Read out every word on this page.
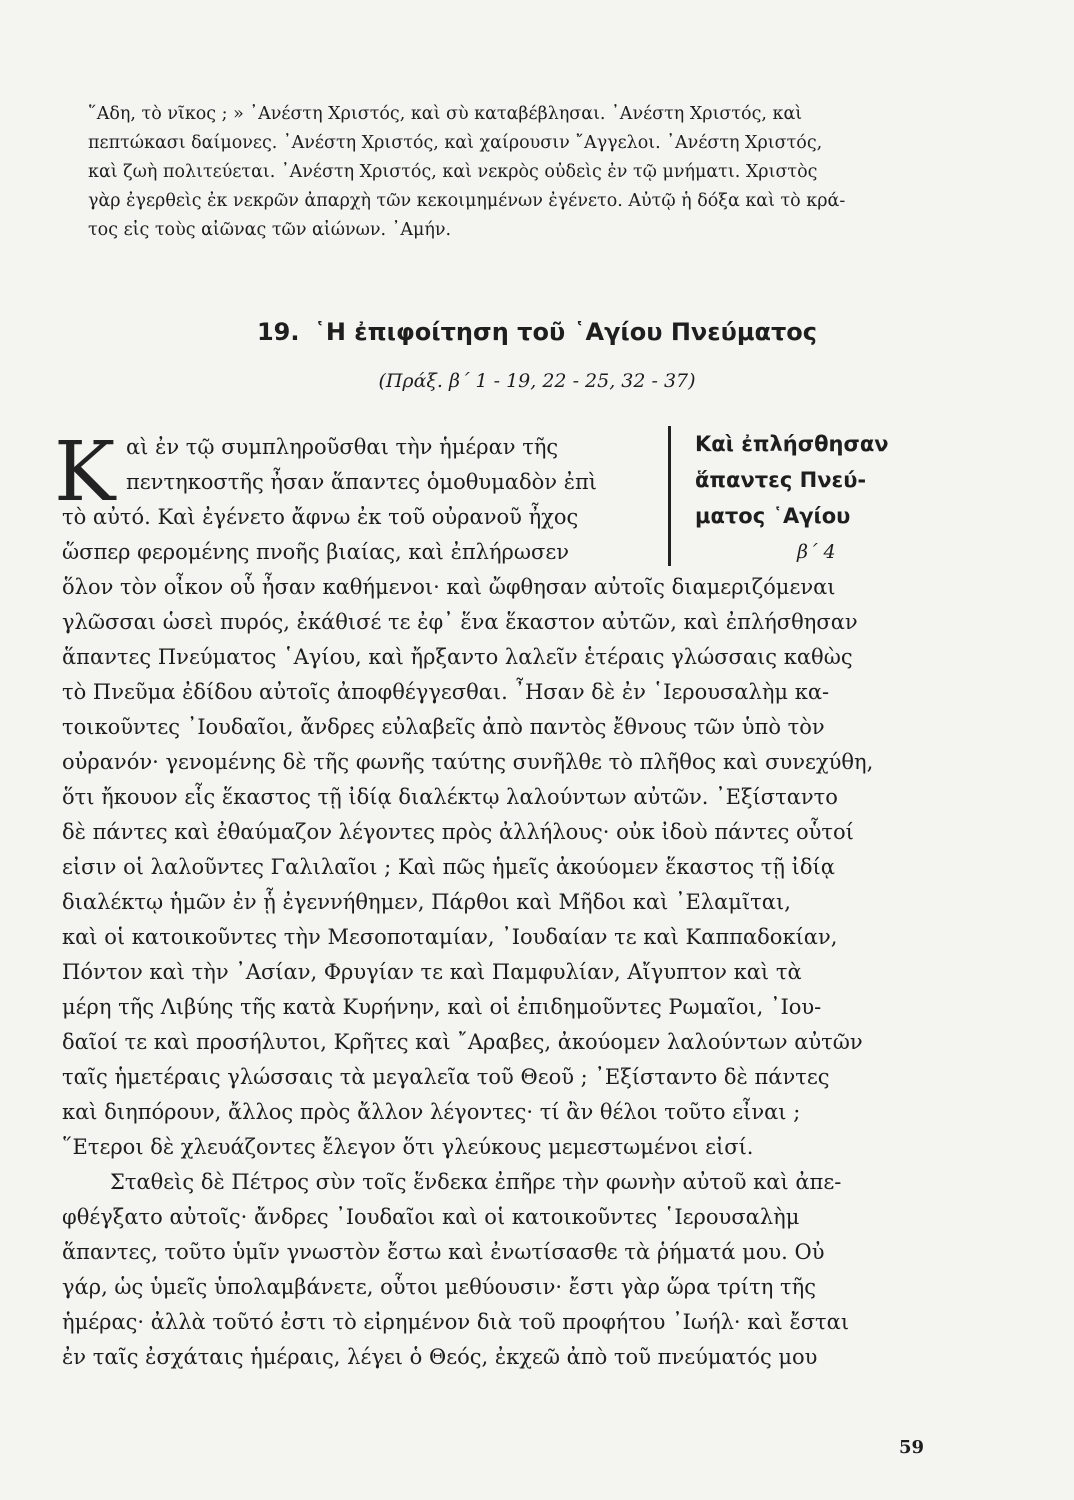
῞Αδη, τὸ νῖκος ; » ᾿Ανέστη Χριστός, καὶ σὺ καταβέβλησαι. ᾿Ανέστη Χριστός, καὶ
πεπτώκασι δαίμονες. ᾿Ανέστη Χριστός, καὶ χαίρουσιν ῎Αγγελοι. ᾿Ανέστη Χριστός,
καὶ ζωὴ πολιτεύεται. ᾿Ανέστη Χριστός, καὶ νεκρὸς οὐδεὶς ἐν τῷ μνήματι. Χριστὸς
γὰρ ἐγερθεὶς ἐκ νεκρῶν ἀπαρχὴ τῶν κεκοιμημένων ἐγένετο. Αὐτῷ ἡ δόξα καὶ τὸ κρά-
τος εἰς τοὺς αἰῶνας τῶν αἰώνων. ᾿Αμήν.
19. ῾Η ἐπιφοίτηση τοῦ ῾Αγίου Πνεύματος
(Πράξ. β΄ 1 - 19, 22 - 25, 32 - 37)
Κ	Καὶ ἐπλήσθησαν
ἅπαντες Πνεύ-
ματος ῾Αγίου
β΄ 4
αὶ ἐν τῷ συμπληροῦσθαι τὴν ἡμέραν τῆς
πεντηκοστῆς ἦσαν ἅπαντες ὁμοθυμαδὸν ἐπὶ
τὸ αὐτό. Καὶ ἐγένετο ἄφνω ἐκ τοῦ οὐρανοῦ ἦχος
ὥσπερ φερομένης πνοῆς βιαίας, καὶ ἐπλήρωσεν
ὅλον τὸν οἶκον οὗ ἦσαν καθήμενοι· καὶ ὤφθησαν αὐτοῖς διαμεριζόμεναι
γλῶσσαι ὡσεὶ πυρός, ἐκάθισέ τε ἐφ᾿ ἕνα ἕκαστον αὐτῶν, καὶ ἐπλήσθησαν
ἅπαντες Πνεύματος ῾Αγίου, καὶ ἤρξαντο λαλεῖν ἑτέραις γλώσσαις καθὼς
τὸ Πνεῦμα ἐδίδου αὐτοῖς ἀποφθέγγεσθαι. ῏Ησαν δὲ ἐν ῾Ιερουσαλὴμ κα-
τοικοῦντες ᾿Ιουδαῖοι, ἄνδρες εὐλαβεῖς ἀπὸ παντὸς ἔθνους τῶν ὑπὸ τὸν
οὐρανόν· γενομένης δὲ τῆς φωνῆς ταύτης συνῆλθε τὸ πλῆθος καὶ συνεχύθη,
ὅτι ἤκουον εἷς ἕκαστος τῇ ἰδίᾳ διαλέκτῳ λαλούντων αὐτῶν. ᾿Εξίσταντο
δὲ πάντες καὶ ἐθαύμαζον λέγοντες πρὸς ἀλλήλους· οὐκ ἰδοὺ πάντες οὗτοί
εἰσιν οἱ λαλοῦντες Γαλιλαῖοι ; Καὶ πῶς ἡμεῖς ἀκούομεν ἕκαστος τῇ ἰδίᾳ
διαλέκτῳ ἡμῶν ἐν ᾗ ἐγεννήθημεν, Πάρθοι καὶ Μῆδοι καὶ ᾿Ελαμῖται,
καὶ οἱ κατοικοῦντες τὴν Μεσοποταμίαν, ᾿Ιουδαίαν τε καὶ Καππαδοκίαν,
Πόντον καὶ τὴν ᾿Ασίαν, Φρυγίαν τε καὶ Παμφυλίαν, Αἴγυπτον καὶ τὰ
μέρη τῆς Λιβύης τῆς κατὰ Κυρήνην, καὶ οἱ ἐπιδημοῦντες Ρωμαῖοι, ᾿Ιου-
δαῖοί τε καὶ προσήλυτοι, Κρῆτες καὶ ῎Αραβες, ἀκούομεν λαλούντων αὐτῶν
ταῖς ἡμετέραις γλώσσαις τὰ μεγαλεῖα τοῦ Θεοῦ ; ᾿Εξίσταντο δὲ πάντες
καὶ διηπόρουν, ἄλλος πρὸς ἄλλον λέγοντες· τί ἂν θέλοι τοῦτο εἶναι ;
῞Ετεροι δὲ χλευάζοντες ἔλεγον ὅτι γλεύκους μεμεστωμένοι εἰσί.
Σταθεὶς δὲ Πέτρος σὺν τοῖς ἕνδεκα ἐπῆρε τὴν φωνὴν αὐτοῦ καὶ ἀπε-
φθέγξατο αὐτοῖς· ἄνδρες ᾿Ιουδαῖοι καὶ οἱ κατοικοῦντες ῾Ιερουσαλὴμ
ἅπαντες, τοῦτο ὑμῖν γνωστὸν ἔστω καὶ ἐνωτίσασθε τὰ ῥήματά μου. Οὐ
γάρ, ὡς ὑμεῖς ὑπολαμβάνετε, οὗτοι μεθύουσιν· ἔστι γὰρ ὥρα τρίτη τῆς
ἡμέρας· ἀλλὰ τοῦτό ἐστι τὸ εἰρημένον διὰ τοῦ προφήτου ᾿Ιωήλ· καὶ ἔσται
ἐν ταῖς ἐσχάταις ἡμέραις, λέγει ὁ Θεός, ἐκχεῶ ἀπὸ τοῦ πνεύματός μου
59
